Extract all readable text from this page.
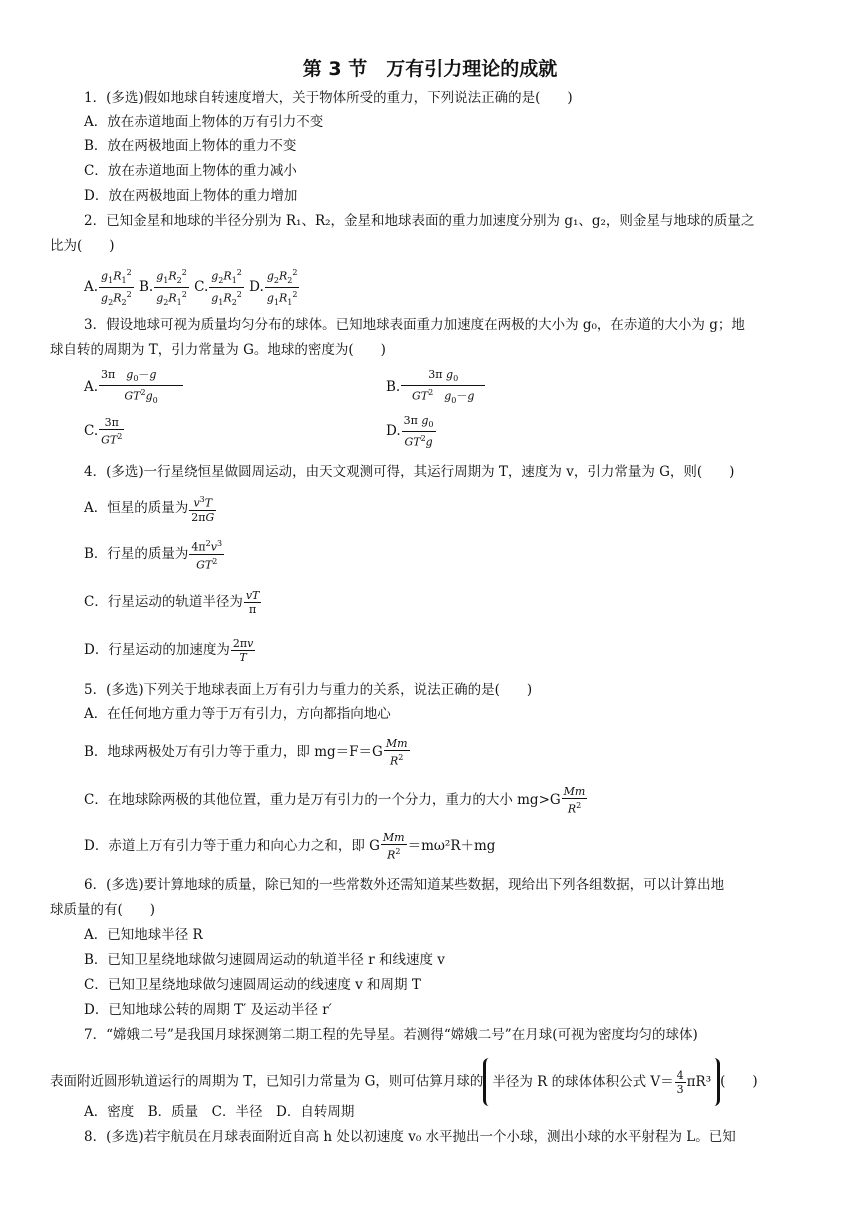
第 3 节　万有引力理论的成就
1．(多选)假如地球自转速度增大，关于物体所受的重力，下列说法正确的是(　　)
A．放在赤道地面上物体的万有引力不变
B．放在两极地面上物体的重力不变
C．放在赤道地面上物体的重力减小
D．放在两极地面上物体的重力增加
2．已知金星和地球的半径分别为 R₁、R₂，金星和地球表面的重力加速度分别为 g₁、g₂，则金星与地球的质量之
比为(　　)
A. $\frac{g_1R_1^2}{g_2R_2^2} B$. $\frac{g_1R_2^2}{g_2R_1^2} C$. $\frac{g_2R_1^2}{g_1R_2^2} D$. $\frac{g_2R_2^2}{g_1R_1^2}$
3．假设地球可视为质量均匀分布的球体。已知地球表面重力加速度在两极的大小为 g₀，在赤道的大小为 g；地
球自转的周期为 T，引力常量为 G。地球的密度为(　　)
A. $\frac{3\pi g_0-g}{GT^2g_0}$	B. $\frac{3\pi g_0}{GT^2 g_0-g}$
C. $\frac{3\pi}{GT^2}$	D. $\frac{3\pi g_0}{GT^2g}$
4．(多选)一行星绕恒星做圆周运动，由天文观测可得，其运行周期为 T，速度为 v，引力常量为 G，则(　　)
A．恒星的质量为 $\frac{v^3T}{2\pi G}$
B．行星的质量为 $\frac{4\pi^2v^3}{GT^2}$
C．行星运动的轨道半径为 $\frac{vT}{\pi}$
D．行星运动的加速度为 $\frac{2\pi v}{T}$
5．(多选)下列关于地球表面上万有引力与重力的关系，说法正确的是(　　)
A．在任何地方重力等于万有引力，方向都指向地心
B．地球两极处万有引力等于重力，即 $mg=F=G \frac{Mm}{R^2}$
C．在地球除两极的其他位置，重力是万有引力的一个分力，重力的大小 $mg>G \frac{Mm}{R^2}$
D．赤道上万有引力等于重力和向心力之和，即 G $\frac{Mm}{R^2} =m\omega^2R+mg$
6．(多选)要计算地球的质量，除已知的一些常数外还需知道某些数据，现给出下列各组数据，可以计算出地
球质量的有(　　)
A．已知地球半径 R
B．已知卫星绕地球做匀速圆周运动的轨道半径 r 和线速度 v
C．已知卫星绕地球做匀速圆周运动的线速度 v 和周期 T
D．已知地球公转的周期 T′ 及运动半径 r′
7．“嫦娥二号”是我国月球探测第二期工程的先导星。若测得“嫦娥二号”在月球(可视为密度均匀的球体)
表面附近圆形轨道运行的周期为 T，已知引力常量为 G，则可估算月球的 半径为 R 的球体体积公式 $V= \frac{4}{3} \pi R^3$ (　　)
A．密度　B．质量　C．半径　D．自转周期
8．(多选)若宇航员在月球表面附近自高 h 处以初速度 v₀ 水平抛出一个小球，测出小球的水平射程为 L。已知
